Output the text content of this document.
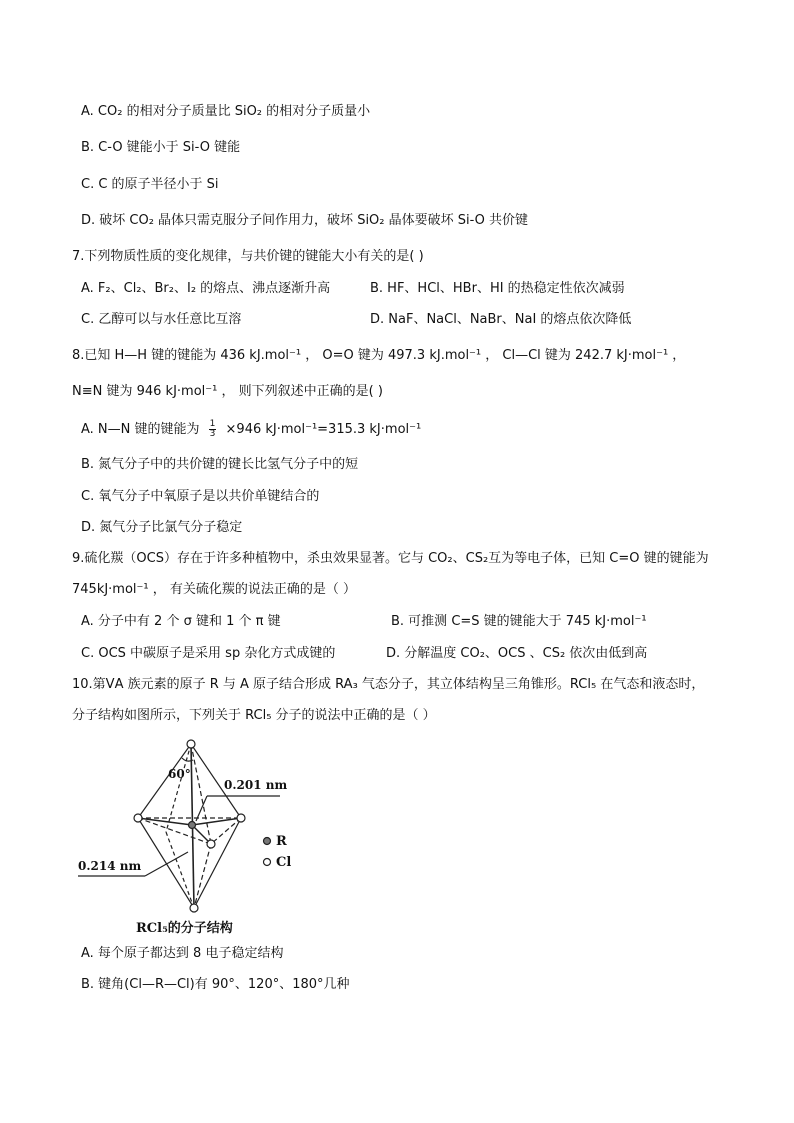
A. CO₂ 的相对分子质量比 SiO₂ 的相对分子质量小
B. C-O 键能小于 Si-O 键能
C. C 的原子半径小于 Si
D. 破坏 CO₂ 晶体只需克服分子间作用力，破坏 SiO₂ 晶体要破坏 Si-O 共价键
7.下列物质性质的变化规律，与共价键的键能大小有关的是( )
A. F₂、Cl₂、Br₂、I₂ 的熔点、沸点逐渐升高	B. HF、HCl、HBr、HI 的热稳定性依次减弱
C. 乙醇可以与水任意比互溶	D. NaF、NaCl、NaBr、NaI 的熔点依次降低
8.已知 H—H 键的键能为 436 kJ.mol⁻¹ ， O=O 键为 497.3 kJ.mol⁻¹ ， Cl—Cl 键为 242.7 kJ·mol⁻¹ ，
N≡N 键为 946 kJ·mol⁻¹ ， 则下列叙述中正确的是( )
A. N—N 键的键能为 $\frac{1}{3} \times 946$ kJ·mol⁻¹=315.3 kJ·mol⁻¹
B. 氮气分子中的共价键的键长比氢气分子中的短
C. 氧气分子中氧原子是以共价单键结合的
D. 氮气分子比氯气分子稳定
9.硫化羰（OCS）存在于许多种植物中，杀虫效果显著。它与 CO₂、CS₂互为等电子体，已知 C=O 键的键能为
745kJ·mol⁻¹ ， 有关硫化羰的说法正确的是（ ）
A. 分子中有 2 个 σ 键和 1 个 π 键	B. 可推测 C=S 键的键能大于 745 kJ·mol⁻¹
C. OCS 中碳原子是采用 sp 杂化方式成键的	D. 分解温度 CO₂、OCS 、CS₂ 依次由低到高
10.第ⅤA 族元素的原子 R 与 A 原子结合形成 RA₃ 气态分子，其立体结构呈三角锥形。RCl₅ 在气态和液态时，
分子结构如图所示，下列关于 RCl₅ 分子的说法中正确的是（ ）
60°
0.201 nm
0.214 nm
R
Cl
RCl₅的分子结构
A. 每个原子都达到 8 电子稳定结构
B. 键角(Cl—R—Cl)有 90°、120°、180°几种
